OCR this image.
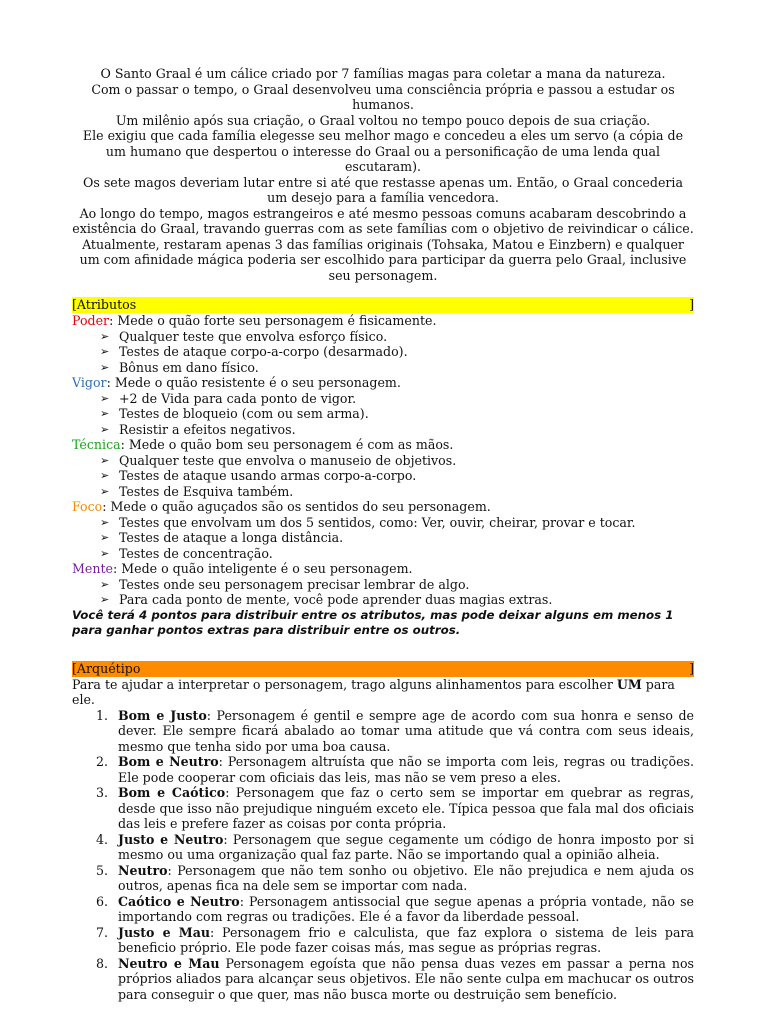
O Santo Graal é um cálice criado por 7 famílias magas para coletar a mana da natureza.

Com o passar o tempo, o Graal desenvolveu uma consciência própria e passou a estudar os humanos.

Um milênio após sua criação, o Graal voltou no tempo pouco depois de sua criação.

Ele exigiu que cada família elegesse seu melhor mago e concedeu a eles um servo (a cópia de um humano que despertou o interesse do Graal ou a personificação de uma lenda qual escutaram).

Os sete magos deveriam lutar entre si até que restasse apenas um. Então, o Graal concederia um desejo para a família vencedora.

Ao longo do tempo, magos estrangeiros e até mesmo pessoas comuns acabaram descobrindo a existência do Graal, travando guerras com as sete famílias com o objetivo de reivindicar o cálice.

Atualmente, restaram apenas 3 das famílias originais (Tohsaka, Matou e Einzbern) e qualquer um com afinidade mágica poderia ser escolhido para participar da guerra pelo Graal, inclusive seu personagem.

[Atributos	]

Poder: Mede o quão forte seu personagem é fisicamente.

➢ Qualquer teste que envolva esforço físico.
➢ Testes de ataque corpo-a-corpo (desarmado).
➢ Bônus em dano físico.

Vigor: Mede o quão resistente é o seu personagem.

➢ +2 de Vida para cada ponto de vigor.
➢ Testes de bloqueio (com ou sem arma).
➢ Resistir a efeitos negativos.

Técnica: Mede o quão bom seu personagem é com as mãos.

➢ Qualquer teste que envolva o manuseio de objetivos.
➢ Testes de ataque usando armas corpo-a-corpo.
➢ Testes de Esquiva também.

Foco: Mede o quão aguçados são os sentidos do seu personagem.

➢ Testes que envolvam um dos 5 sentidos, como: Ver, ouvir, cheirar, provar e tocar.
➢ Testes de ataque a longa distância.
➢ Testes de concentração.

Mente: Mede o quão inteligente é o seu personagem.

➢ Testes onde seu personagem precisar lembrar de algo.
➢ Para cada ponto de mente, você pode aprender duas magias extras.

Você terá 4 pontos para distribuir entre os atributos, mas pode deixar alguns em menos 1 para ganhar pontos extras para distribuir entre os outros.

[Arquétipo	]

Para te ajudar a interpretar o personagem, trago alguns alinhamentos para escolher UM para ele.

1. Bom e Justo: Personagem é gentil e sempre age de acordo com sua honra e senso de dever. Ele sempre ficará abalado ao tomar uma atitude que vá contra com seus ideais, mesmo que tenha sido por uma boa causa.
2. Bom e Neutro: Personagem altruísta que não se importa com leis, regras ou tradições. Ele pode cooperar com oficiais das leis, mas não se vem preso a eles.
3. Bom e Caótico: Personagem que faz o certo sem se importar em quebrar as regras, desde que isso não prejudique ninguém exceto ele. Típica pessoa que fala mal dos oficiais das leis e prefere fazer as coisas por conta própria.
4. Justo e Neutro: Personagem que segue cegamente um código de honra imposto por si mesmo ou uma organização qual faz parte. Não se importando qual a opinião alheia.
5. Neutro: Personagem que não tem sonho ou objetivo. Ele não prejudica e nem ajuda os outros, apenas fica na dele sem se importar com nada.
6. Caótico e Neutro: Personagem antissocial que segue apenas a própria vontade, não se importando com regras ou tradições. Ele é a favor da liberdade pessoal.
7. Justo e Mau: Personagem frio e calculista, que faz explora o sistema de leis para beneficio próprio. Ele pode fazer coisas más, mas segue as próprias regras.
8. Neutro e Mau Personagem egoísta que não pensa duas vezes em passar a perna nos próprios aliados para alcançar seus objetivos. Ele não sente culpa em machucar os outros para conseguir o que quer, mas não busca morte ou destruição sem benefício.
